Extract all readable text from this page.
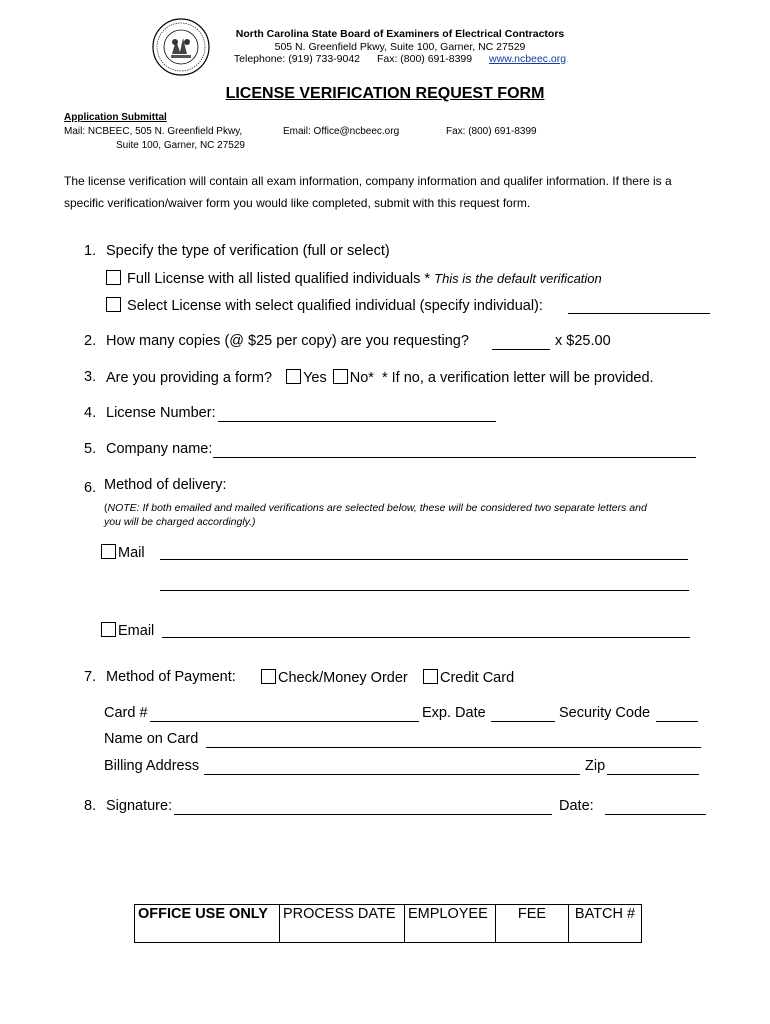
North Carolina State Board of Examiners of Electrical Contractors
505 N. Greenfield Pkwy, Suite 100, Garner, NC 27529
Telephone: (919) 733-9042 Fax: (800) 691-8399 www.ncbeec.org
LICENSE VERIFICATION REQUEST FORM
Application Submittal
Mail: NCBEEC, 505 N. Greenfield Pkwy,
Suite 100, Garner, NC 27529
Email: Office@ncbeec.org	Fax: (800) 691-8399
The license verification will contain all exam information, company information and qualifer information. If there is a
specific verification/waiver form you would like completed, submit with this request form.
1. Specify the type of verification (full or select)
Full License with all listed qualified individuals * This is the default verification
Select License with select qualified individual (specify individual):
2. How many copies (@ $25 per copy) are you requesting?	x $25.00
3. Are you providing a form? Yes No* * If no, a verification letter will be provided.
4. License Number:
5. Company name:
6. Method of delivery:
(NOTE: If both emailed and mailed verifications are selected below, these will be considered two separate letters and
you will be charged accordingly.)
Mail
Email
7. Method of Payment:	Check/Money Order	Credit Card
Card #	Exp. Date	Security Code
Name on Card
Billing Address	Zip
8. Signature:	Date:
OFFICE USE ONLY	PROCESS DATE	EMPLOYEE	FEE	BATCH #
